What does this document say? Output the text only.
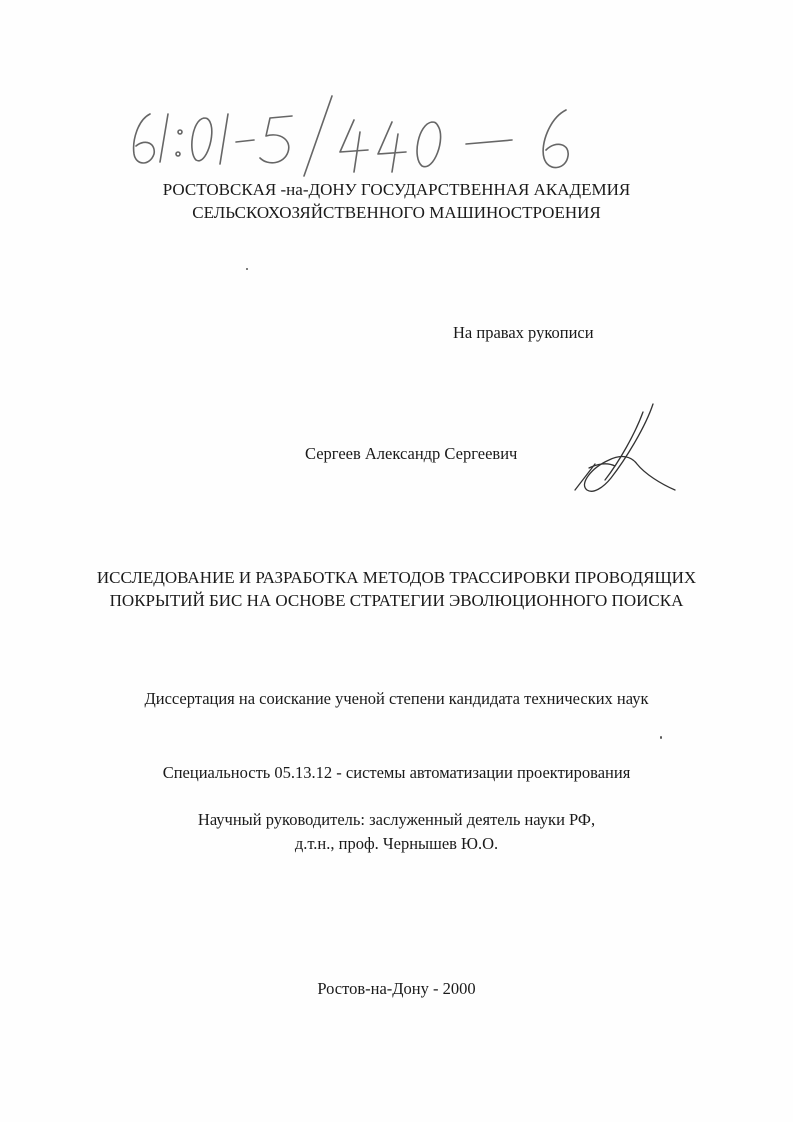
РОСТОВСКАЯ -на-ДОНУ ГОСУДАРСТВЕННАЯ АКАДЕМИЯ
СЕЛЬСКОХОЗЯЙСТВЕННОГО МАШИНОСТРОЕНИЯ
На правах рукописи
Сергеев Александр Сергеевич
ИССЛЕДОВАНИЕ И РАЗРАБОТКА МЕТОДОВ ТРАССИРОВКИ ПРОВОДЯЩИХ
ПОКРЫТИЙ БИС НА ОСНОВЕ СТРАТЕГИИ ЭВОЛЮЦИОННОГО ПОИСКА
Диссертация на соискание ученой степени кандидата технических наук
Специальность 05.13.12 - системы автоматизации проектирования
Научный руководитель: заслуженный деятель науки РФ,
д.т.н., проф. Чернышев Ю.О.
Ростов-на-Дону - 2000
